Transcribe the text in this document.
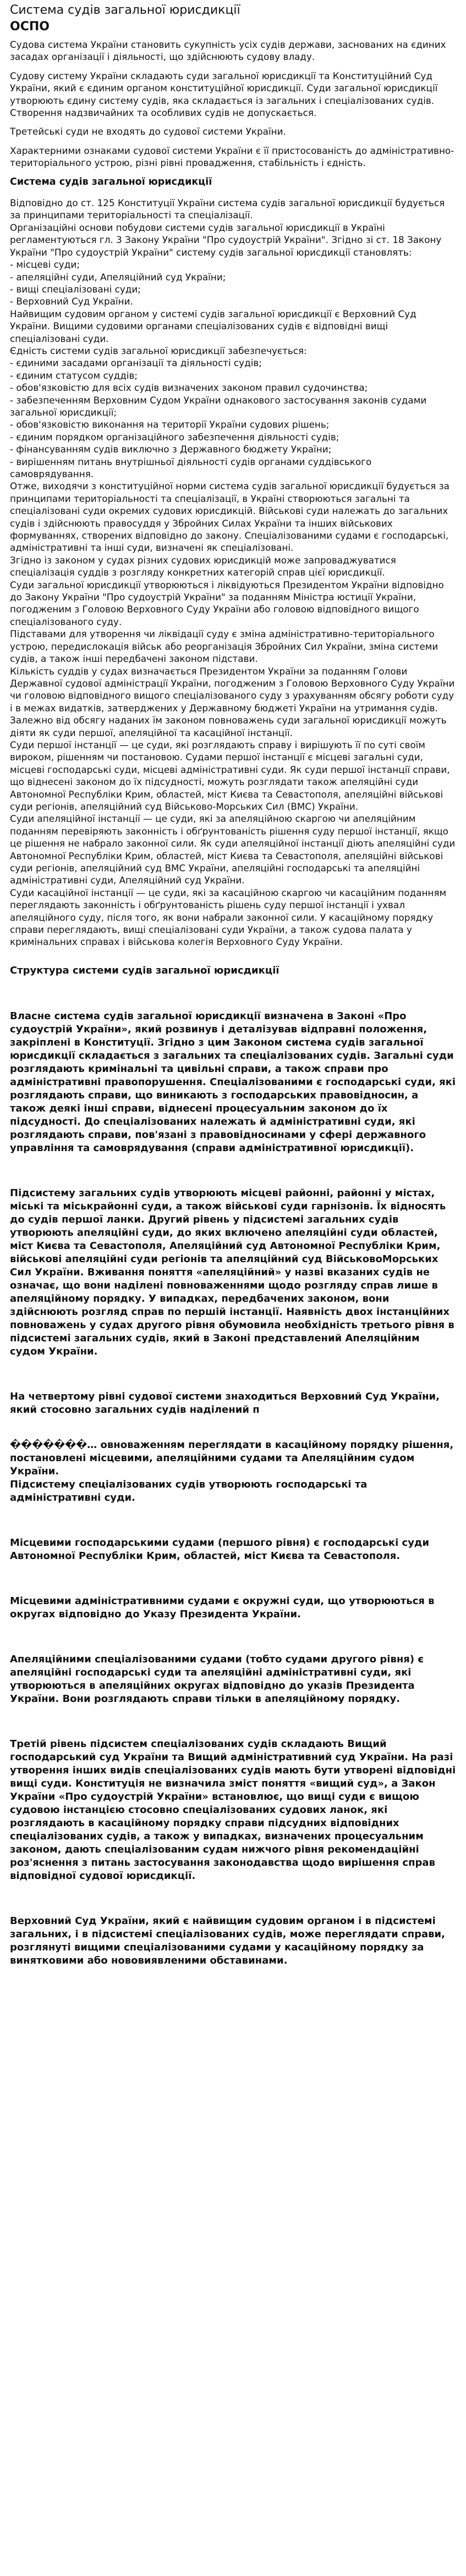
Система судів загальної юрисдикції
ОСПО

Судова система України становить сукупність усіх судів держави, заснованих на єдиних засадах організації і діяльності, що здійснюють судову владу.

Судову систему України складають суди загальної юрисдикції та Конституційний Суд України, який є єдиним органом конституційної юрисдикції. Суди загальної юрисдикції утворюють єдину систему судів, яка складається із загальних і спеціалізованих судів. Створення надзвичайних та особливих судів не допускається.

Третейські суди не входять до судової системи України.

Характерними ознаками судової системи України є її пристосованість до адміністративно-територіального устрою, різні рівні провадження, стабільність і єдність.

Система судів загальної юрисдикції

Відповідно до ст. 125 Конституції України система судів загальної юрисдикції будується за принципами територіальності та спеціалізації.

Організаційні основи побудови системи судів загальної юрисдикції в Україні регламентуються гл. 3 Закону України "Про судоустрій України". Згідно зі ст. 18 Закону України "Про судоустрій України" систему судів загальної юрисдикції становлять:

- місцеві суди;

- апеляційні суди, Апеляційний суд України;

- вищі спеціалізовані суди;

- Верховний Суд України.

Найвищим судовим органом у системі судів загальної юрисдикції є Верховний Суд України. Вищими судовими органами спеціалізованих судів є відповідні вищі спеціалізовані суди.

Єдність системи судів загальної юрисдикції забезпечується:

- єдиними засадами організації та діяльності судів;

- єдиним статусом суддів;

- обов'язковістю для всіх судів визначених законом правил судочинства;

- забезпеченням Верховним Судом України однакового застосування законів судами загальної юрисдикції;

- обов'язковістю виконання на території України судових рішень;

- єдиним порядком організаційного забезпечення діяльності судів;

- фінансуванням судів виключно з Державного бюджету України;

- вирішенням питань внутрішньої діяльності судів органами суддівського самоврядування.

Отже, виходячи з конституційної норми система судів загальної юрисдикції будується за принципами територіальності та спеціалізації, в Україні створюються загальні та спеціалізовані суди окремих судових юрисдикцій. Військові суди належать до загальних судів і здійснюють правосуддя у Збройних Силах України та інших військових формуваннях, створених відповідно до закону. Спеціалізованими судами є господарські, адміністративні та інші суди, визначені як спеціалізовані.

Згідно із законом у судах різних судових юрисдикцій може запроваджуватися спеціалізація суддів з розгляду конкретних категорій справ цієї юрисдикції.

Суди загальної юрисдикції утворюються і ліквідуються Президентом України відповідно до Закону України "Про судоустрій України" за поданням Міністра юстиції України, погодженим з Головою Верховного Суду України або головою відповідного вищого спеціалізованого суду.

Підставами для утворення чи ліквідації суду є зміна адміністративно-територіального устрою, передислокація військ або реорганізація Збройних Сил України, зміна системи судів, а також інші передбачені законом підстави.

Кількість суддів у судах визначається Президентом України за поданням Голови Державної судової адміністрації України, погодженим з Головою Верховного Суду України чи головою відповідного вищого спеціалізованого суду з урахуванням обсягу роботи суду і в межах видатків, затверджених у Державному бюджеті України на утримання судів.

Залежно від обсягу наданих їм законом повноважень суди загальної юрисдикції можуть діяти як суди першої, апеляційної та касаційної інстанції.

Суди першої інстанції — це суди, які розглядають справу і вирішують її по суті своїм вироком, рішенням чи постановою. Судами першої інстанції є місцеві загальні суди, місцеві господарські суди, місцеві адміністративні суди. Як суди першої інстанції справи, що віднесені законом до їх підсудності, можуть розглядати також апеляційні суди Автономної Республіки Крим, областей, міст Києва та Севастополя, апеляційні військові суди регіонів, апеляційний суд Військово-Морських Сил (ВМС) України.

Суди апеляційної інстанції — це суди, які за апеляційною скаргою чи апеляційним поданням перевіряють законність і обґрунтованість рішення суду першої інстанції, якщо це рішення не набрало законної сили. Як суди апеляційної інстанції діють апеляційні суди Автономної Республіки Крим, областей, міст Києва та Севастополя, апеляційні військові суди регіонів, апеляційний суд ВМС України, апеляційні господарські та апеляційні адміністративні суди, Апеляційний суд України.

Суди касаційної інстанції — це суди, які за касаційною скаргою чи касаційним поданням переглядають законність і обґрунтованість рішень суду першої інстанції і ухвал апеляційного суду, після того, як вони набрали законної сили. У касаційному порядку справи переглядають, вищі спеціалізовані суди України, а також судова палата у кримінальних справах і військова колегія Верховного Суду України.

Структура системи судів загальної юрисдикції

Власне система судів загальної юрисдикції визначена в Законі «Про судоустрій України», який розвинув і деталізував відправні положення, закріплені в Конституції. Згідно з цим Законом система судів загальної юрисдикції складається з загальних та спеціалізованих судів. Загальні суди розглядають кримінальні та цивільні справи, а також справи про адміністративні правопорушення. Спеціалізованими є господарські суди, які розглядають справи, що виникають з господарських правовідносин, а також деякі інші справи, віднесені процесуальним законом до їх підсудності. До спеціалізованих належать й адміністративні суди, які розглядають справи, пов'язані з правовідносинами у сфері державного управління та самоврядування (справи адміністративної юрисдикції).

Підсистему загальних судів утворюють місцеві районні, районні у містах, міські та міськрайонні суди, а також військові суди гарнізонів. Їх відносять до судів першої ланки. Другий рівень у підсистемі загальних судів утворюють апеляційні суди, до яких включено апеляційні суди областей, міст Києва та Севастополя, Апеляційний суд Автономної Республіки Крим, військові апеляційні суди регіонів та апеляційний суд ВійськовоМорських Сил України. Вживання поняття «апеляційний» у назві вказаних судів не означає, що вони наділені повноваженнями щодо розгляду справ лише в апеляційному порядку. У випадках, передбачених законом, вони здійснюють розгляд справ по першій інстанції. Наявність двох інстанційних повноважень у судах другого рівня обумовила необхідність третього рівня в підсистемі загальних судів, який в Законі представлений Апеляційним судом України.

На четвертому рівні судової системи знаходиться Верховний Суд України, який стосовно загальних судів наділений п

�������… овноваженням переглядати в касаційному порядку рішення, постановлені місцевими, апеляційними судами та Апеляційним судом України.

Підсистему спеціалізованих судів утворюють господарські та адміністративні суди.

Місцевими господарськими судами (першого рівня) є господарські суди Автономної Республіки Крим, областей, міст Києва та Севастополя.

Місцевими адміністративними судами є окружні суди, що утворюються в округах відповідно до Указу Президента України.

Апеляційними спеціалізованими судами (тобто судами другого рівня) є апеляційні господарські суди та апеляційні адміністративні суди, які утворюються в апеляційних округах відповідно до указів Президента України. Вони розглядають справи тільки в апеляційному порядку.

Третій рівень підсистем спеціалізованих судів складають Вищий господарський суд України та Вищий адміністративний суд України. На разі утворення інших видів спеціалізованих судів мають бути утворені відповідні вищі суди. Конституція не визначила зміст поняття «вищий суд», а Закон України «Про судоустрій України» встановлює, що вищі суди є вищою судовою інстанцією стосовно спеціалізованих судових ланок, які розглядають в касаційному порядку справи підсудних відповідних спеціалізованих судів, а також у випадках, визначених процесуальним законом, дають спеціалізованим судам нижчого рівня рекомендаційні роз'яснення з питань застосування законодавства щодо вирішення справ відповідної судової юрисдикції.

Верховний Суд України, який є найвищим судовим органом і в підсистемі загальних, і в підсистемі спеціалізованих судів, може переглядати справи, розглянуті вищими спеціалізованими судами у касаційному порядку за винятковими або нововиявленими обставинами.
